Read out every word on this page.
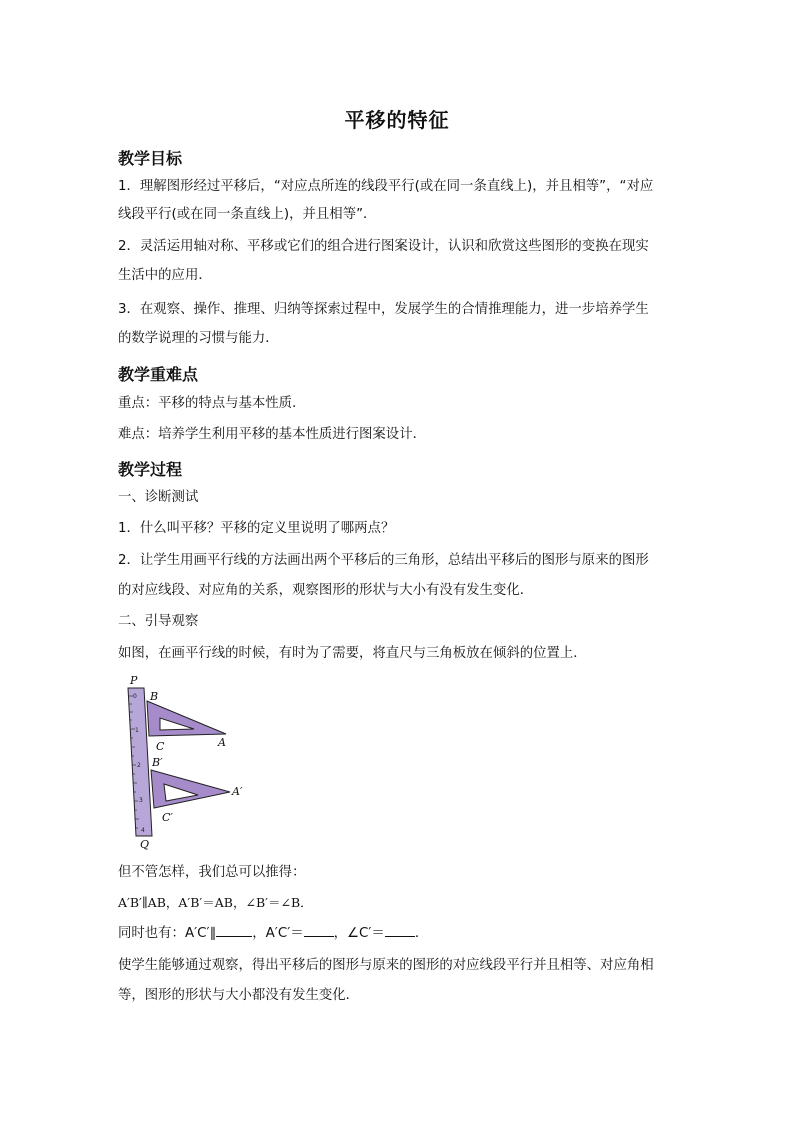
平移的特征
教学目标
1．理解图形经过平移后，“对应点所连的线段平行(或在同一条直线上)，并且相等”，“对应
线段平行(或在同一条直线上)，并且相等”．
2．灵活运用轴对称、平移或它们的组合进行图案设计，认识和欣赏这些图形的变换在现实
生活中的应用．
3．在观察、操作、推理、归纳等探索过程中，发展学生的合情推理能力，进一步培养学生
的数学说理的习惯与能力．
教学重难点
重点：平移的特点与基本性质．
难点：培养学生利用平移的基本性质进行图案设计．
教学过程
一、诊断测试
1．什么叫平移？平移的定义里说明了哪两点？
2．让学生用画平行线的方法画出两个平移后的三角形，总结出平移后的图形与原来的图形
的对应线段、对应角的关系，观察图形的形状与大小有没有发生变化．
二、引导观察
如图，在画平行线的时候，有时为了需要，将直尺与三角板放在倾斜的位置上．
0
1
2
3
4
P
B
C	A
B′
A′
C′
Q
但不管怎样，我们总可以推得：
A′B′∥AB，A′B′＝AB，∠B′＝∠B．
同时也有：A′C′∥	，A′C′＝ ，∠C′＝ ．
使学生能够通过观察，得出平移后的图形与原来的图形的对应线段平行并且相等、对应角相
等，图形的形状与大小都没有发生变化．
